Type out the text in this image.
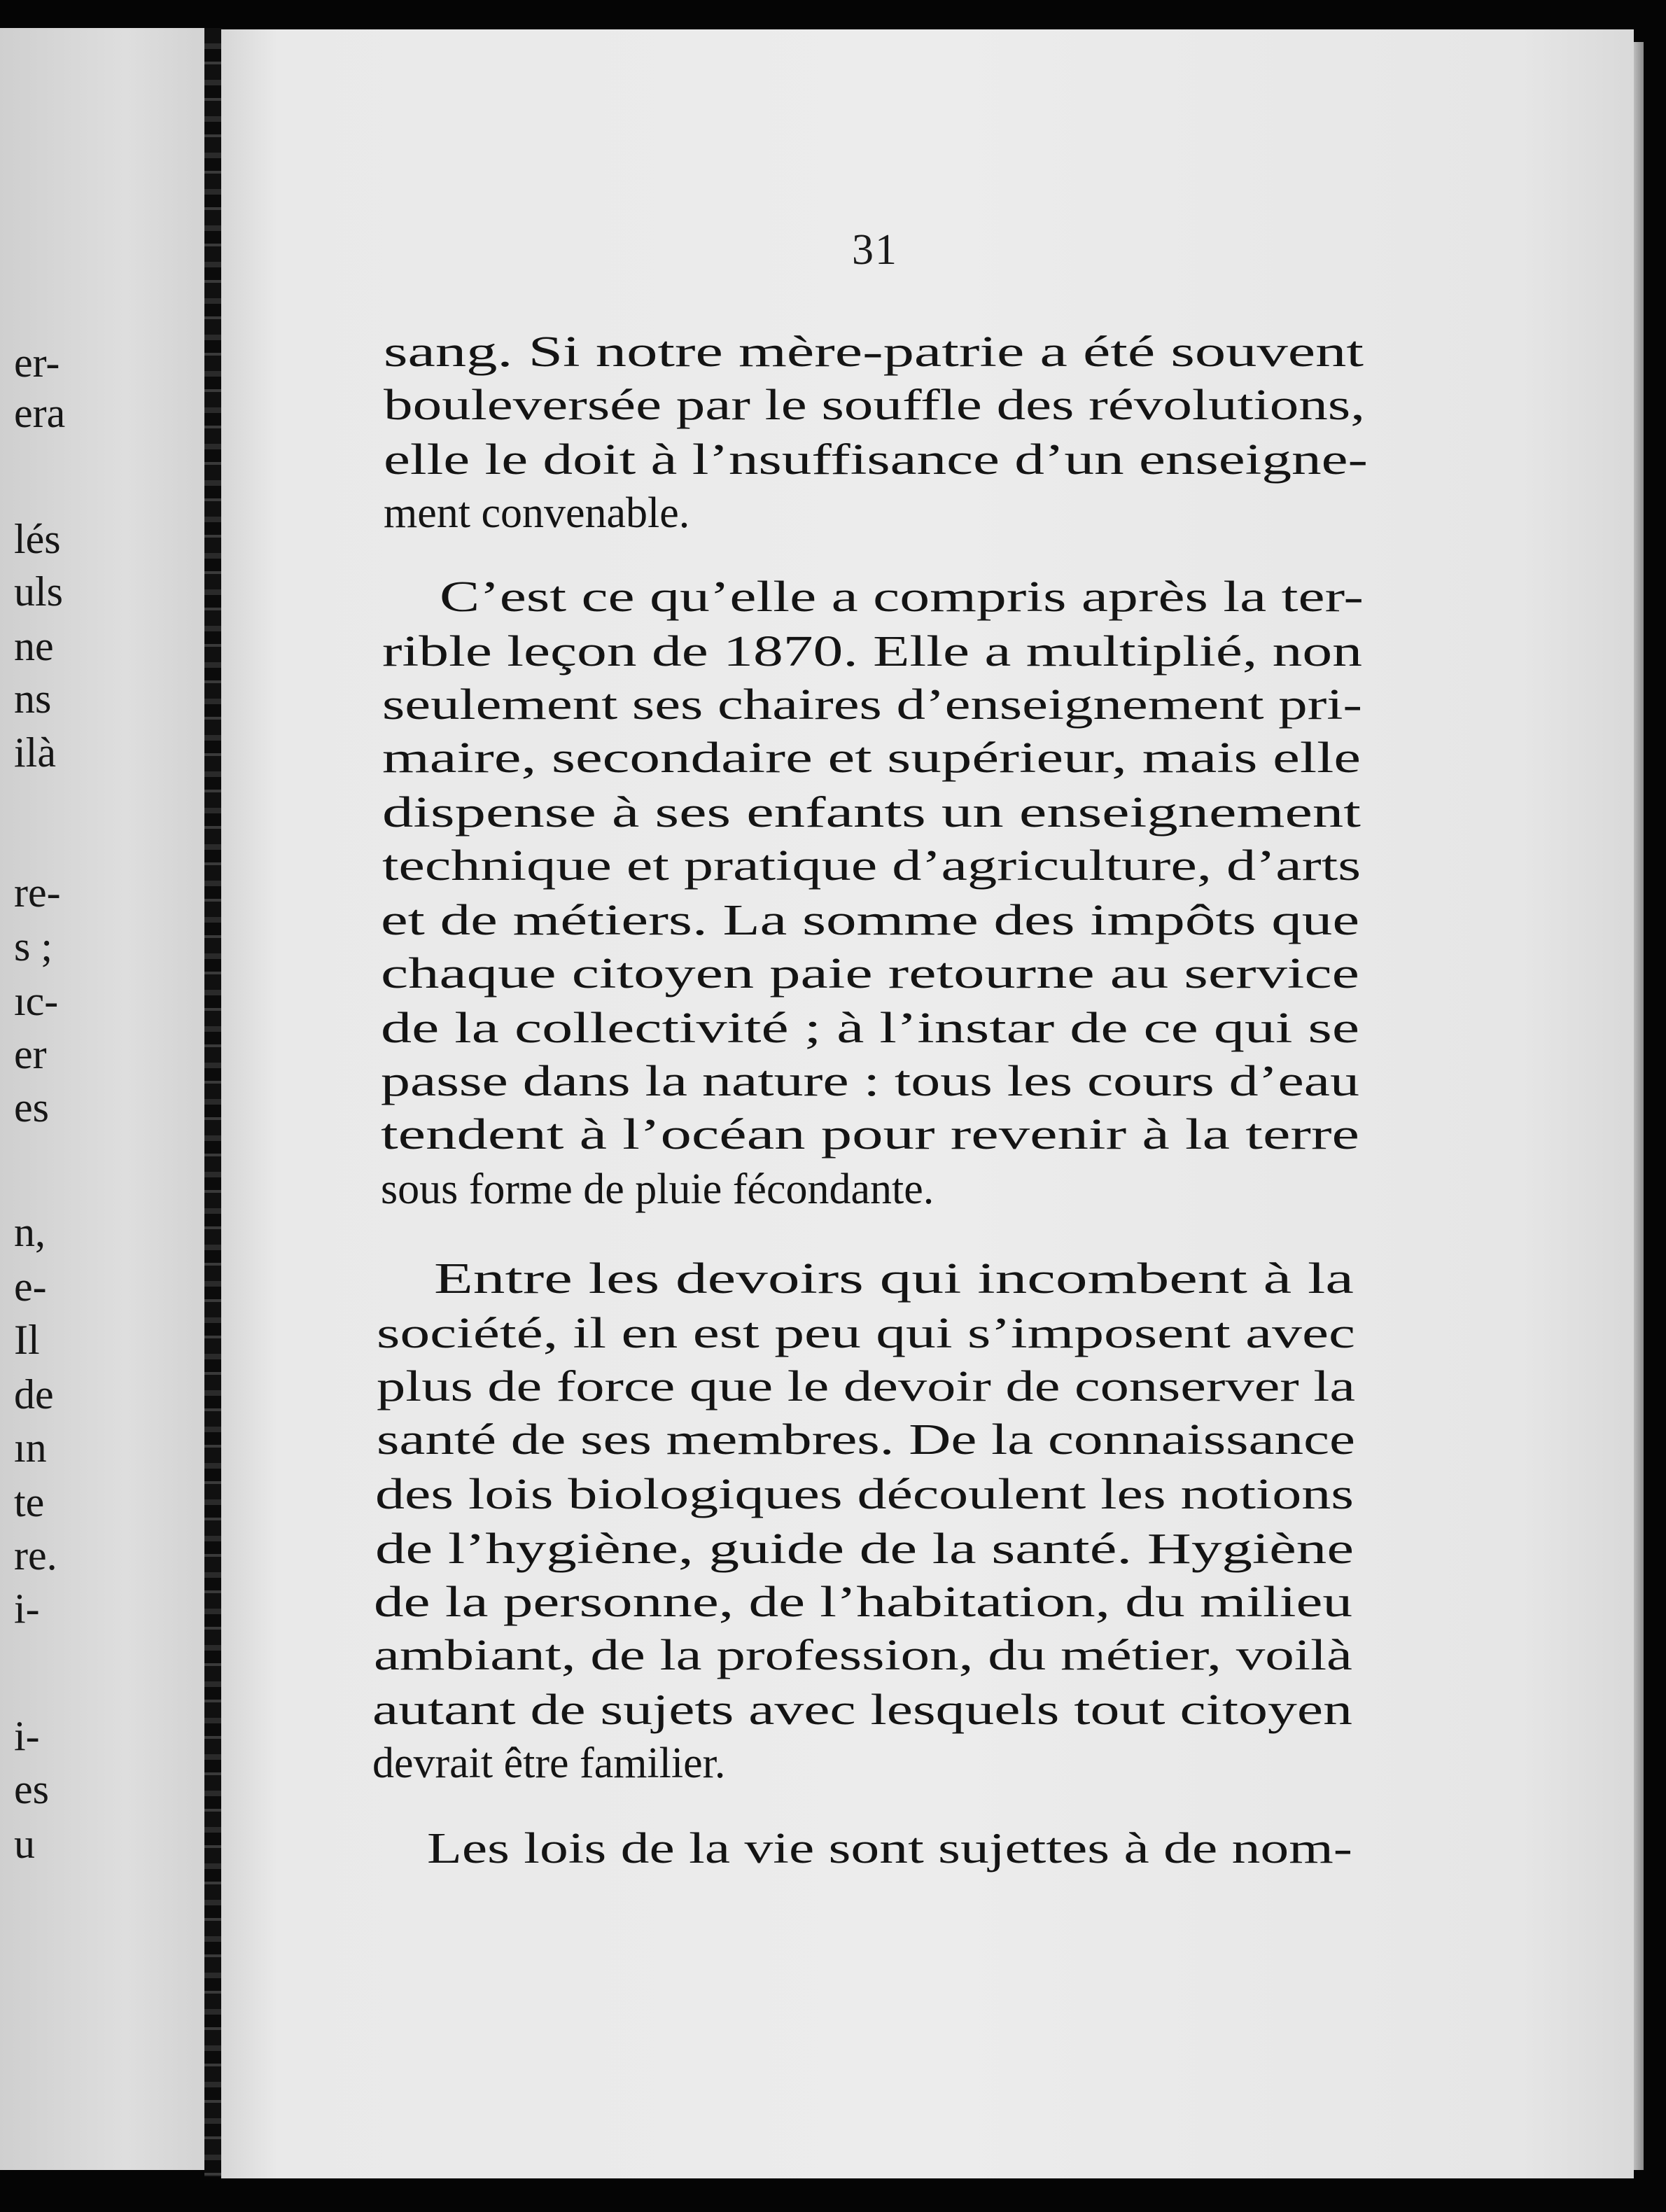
er-
era
lés
uls
ne
ns
ilà
re-
s ;
ıc-
er
es
n,
e-
Il
de
ın
te
re.
i-
i-
es
u
31
sang. Si notre mère-patrie a été souvent
bouleversée par le souffle des révolutions,
elle le doit à l’nsuffisance d’un enseigne-
ment convenable.
C’est ce qu’elle a compris après la ter-
rible leçon de 1870. Elle a multiplié, non
seulement ses chaires d’enseignement pri-
maire, secondaire et supérieur, mais elle
dispense à ses enfants un enseignement
technique et pratique d’agriculture, d’arts
et de métiers. La somme des impôts que
chaque citoyen paie retourne au service
de la collectivité ; à l’instar de ce qui se
passe dans la nature : tous les cours d’eau
tendent à l’océan pour revenir à la terre
sous forme de pluie fécondante.
Entre les devoirs qui incombent à la
société, il en est peu qui s’imposent avec
plus de force que le devoir de conserver la
santé de ses membres. De la connaissance
des lois biologiques découlent les notions
de l’hygiène, guide de la santé. Hygiène
de la personne, de l’habitation, du milieu
ambiant, de la profession, du métier, voilà
autant de sujets avec lesquels tout citoyen
devrait être familier.
Les lois de la vie sont sujettes à de nom-
